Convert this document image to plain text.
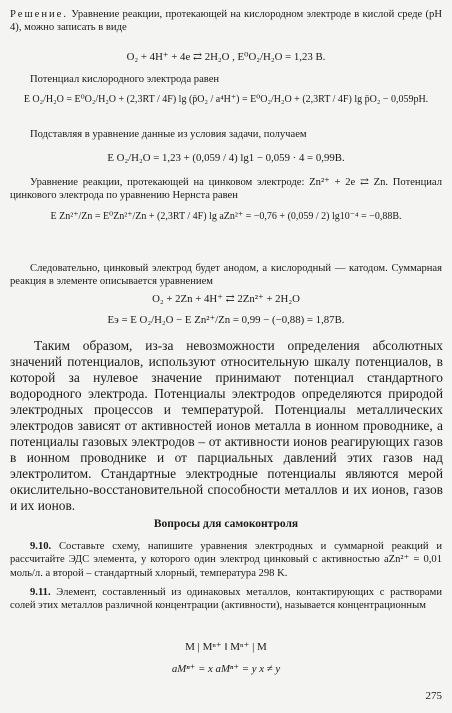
Решение. Уравнение реакции, протекающей на кислородном электроде в кислой среде (pH 4), можно записать в виде
O₂ + 4H⁺ + 4e ⇄ 2H₂O , E⁰O₂/H₂O = 1,23 B.
Потенциал кислородного электрода равен
E O₂/H₂O = E⁰O₂/H₂O + (2,3RT / 4F) lg (p̄O₂ / a⁴H⁺) = E⁰O₂/H₂O + (2,3RT / 4F) lg p̄O₂ − 0,059pH.
Подставляя в уравнение данные из условия задачи, получаем
E O₂/H₂O = 1,23 + (0,059 / 4) lg1 − 0,059 · 4 = 0,99B.
Уравнение реакции, протекающей на цинковом электроде: Zn²⁺ + 2e ⇄ Zn. Потенциал цинкового электрода по уравнению Нернста равен
E Zn²⁺/Zn = E⁰Zn²⁺/Zn + (2,3RT / 4F) lg aZn²⁺ = −0,76 + (0,059 / 2) lg10⁻⁴ = −0,88B.
Следовательно, цинковый электрод будет анодом, а кислородный — катодом. Суммарная реакция в элементе описывается уравнением
O₂ + 2Zn + 4H⁺ ⇄ 2Zn²⁺ + 2H₂O
Eэ = E O₂/H₂O − E Zn²⁺/Zn = 0,99 − (−0,88) = 1,87B.
Таким образом, из-за невозможности определения абсолютных значений потенциалов, используют относительную шкалу потенциалов, в которой за нулевое значение принимают потенциал стандартного водородного электрода. Потенциалы электродов определяются природой электродных процессов и температурой. Потенциалы металлических электродов зависят от активностей ионов металла в ионном проводнике, а потенциалы газовых электродов – от активности ионов реагирующих газов в ионном проводнике и от парциальных давлений этих газов над электролитом. Стандартные электродные потенциалы являются мерой окислительно-восстановительной способности металлов и их ионов, газов и их ионов.
Вопросы для самоконтроля
9.10. Составьте схему, напишите уравнения электродных и суммарной реакций и рассчитайте ЭДС элемента, у которого один электрод цинковый с активностью aZn²⁺ = 0,01 моль/л. а второй – стандартный хлорный, температура 298 K.
9.11. Элемент, составленный из одинаковых металлов, контактирующих с растворами солей этих металлов различной концентрации (активности), называется концентрационным
M | Mⁿ⁺ ‖ Mⁿ⁺ | M
aMⁿ⁺ = x aMⁿ⁺ = y x ≠ y
275
